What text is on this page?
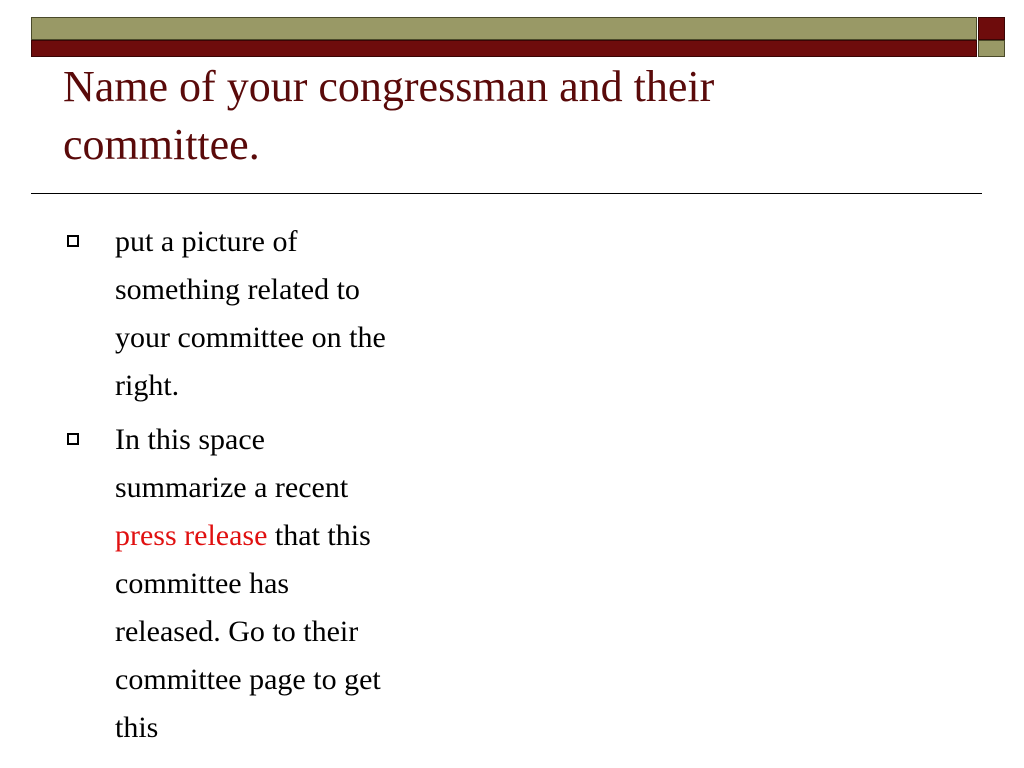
Name of your congressman and their
committee.
put a picture of
something related to
your committee on the
right.
In this space
summarize a recent
press release that this
committee has
released. Go to their
committee page to get
this
